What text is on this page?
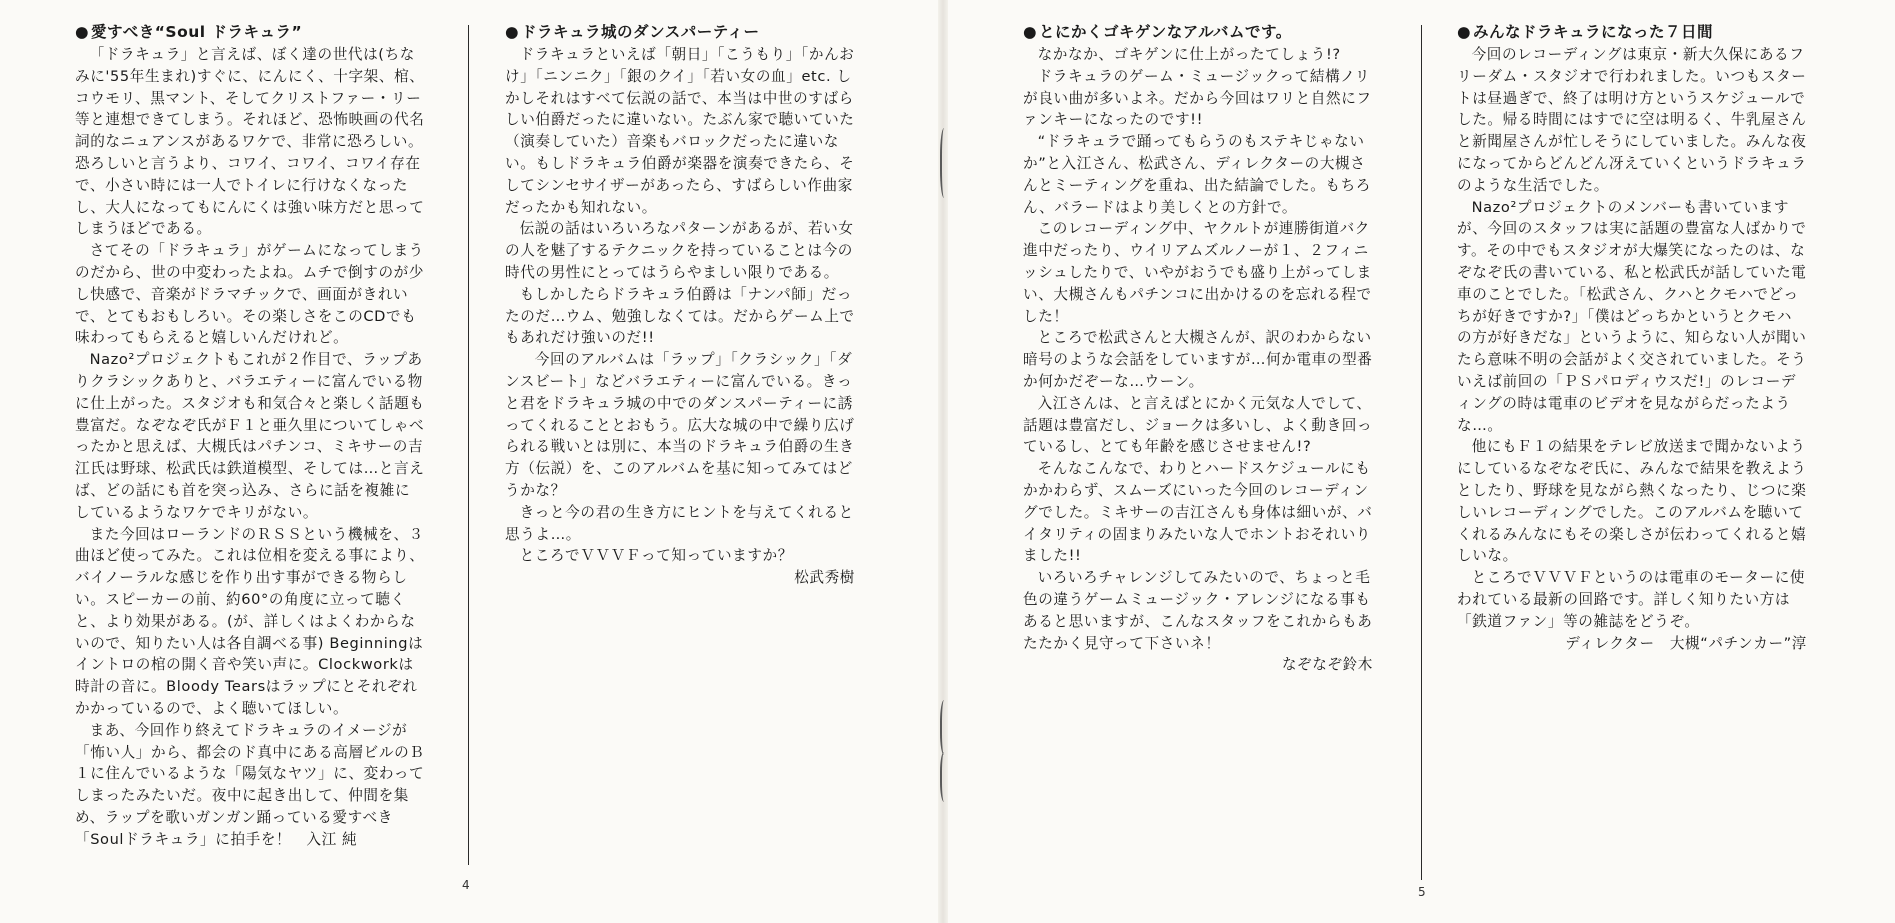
● 愛すべき“Soul ドラキュラ”

「ドラキュラ」と言えば、ぼく達の世代は(ちなみに'55年生まれ)すぐに、にんにく、十字架、棺、コウモリ、黒マント、そしてクリストファー・リー等と連想できてしまう。それほど、恐怖映画の代名詞的なニュアンスがあるワケで、非常に恐ろしい。恐ろしいと言うより、コワイ、コワイ、コワイ存在で、小さい時には一人でトイレに行けなくなったし、大人になってもにんにくは強い味方だと思ってしまうほどである。

さてその「ドラキュラ」がゲームになってしまうのだから、世の中変わったよね。ムチで倒すのが少し快感で、音楽がドラマチックで、画面がきれいで、とてもおもしろい。その楽しさをこのCDでも味わってもらえると嬉しいんだけれど。

Nazo²プロジェクトもこれが２作目で、ラップありクラシックありと、バラエティーに富んでいる物に仕上がった。スタジオも和気合々と楽しく話題も豊富だ。なぞなぞ氏がＦ１と亜久里についてしゃべったかと思えば、大槻氏はパチンコ、ミキサーの吉江氏は野球、松武氏は鉄道模型、そしては…と言えば、どの話にも首を突っ込み、さらに話を複雑にしているようなワケでキリがない。

また今回はローランドのＲＳＳという機械を、３曲ほど使ってみた。これは位相を変える事により、バイノーラルな感じを作り出す事ができる物らしい。スピーカーの前、約60°の角度に立って聴くと、より効果がある。(が、詳しくはよくわからないので、知りたい人は各自調べる事) Beginningはイントロの棺の開く音や笑い声に。Clockworkは時計の音に。Bloody Tearsはラップにとそれぞれかかっているので、よく聴いてほしい。

まあ、今回作り終えてドラキュラのイメージが「怖い人」から、都会のド真中にある高層ビルのＢ１に住んでいるような「陽気なヤツ」に、変わってしまったみたいだ。夜中に起き出して、仲間を集め、ラップを歌いガンガン踊っている愛すべき「Soulドラキュラ」に拍手を！　入江 純

● ドラキュラ城のダンスパーティー

ドラキュラといえば「朝日」「こうもり」「かんおけ」「ニンニク」「銀のクイ」「若い女の血」etc. しかしそれはすべて伝説の話で、本当は中世のすばらしい伯爵だったに違いない。たぶん家で聴いていた（演奏していた）音楽もバロックだったに違いない。もしドラキュラ伯爵が楽器を演奏できたら、そしてシンセサイザーがあったら、すばらしい作曲家だったかも知れない。

伝説の話はいろいろなパターンがあるが、若い女の人を魅了するテクニックを持っていることは今の時代の男性にとってはうらやましい限りである。

もしかしたらドラキュラ伯爵は「ナンパ師」だったのだ…ウム、勉強しなくては。だからゲーム上でもあれだけ強いのだ!!

　今回のアルバムは「ラップ」「クラシック」「ダンスビート」などバラエティーに富んでいる。きっと君をドラキュラ城の中でのダンスパーティーに誘ってくれることとおもう。広大な城の中で繰り広げられる戦いとは別に、本当のドラキュラ伯爵の生き方（伝説）を、このアルバムを基に知ってみてはどうかな？

きっと今の君の生き方にヒントを与えてくれると思うよ…。

ところでＶＶＶＦって知っていますか？

松武秀樹

4
● とにかくゴキゲンなアルバムです。

なかなか、ゴキゲンに仕上がったてしょう!?

ドラキュラのゲーム・ミュージックって結構ノリが良い曲が多いよネ。だから今回はワリと自然にファンキーになったのです!!

“ドラキュラで踊ってもらうのもステキじゃないか”と入江さん、松武さん、ディレクターの大槻さんとミーティングを重ね、出た結論でした。もちろん、バラードはより美しくとの方針で。

このレコーディング中、ヤクルトが連勝街道バク進中だったり、ウイリアムズルノーが１、２フィニッシュしたりで、いやがおうでも盛り上がってしまい、大槻さんもパチンコに出かけるのを忘れる程でした！

ところで松武さんと大槻さんが、訳のわからない暗号のような会話をしていますが…何か電車の型番か何かだぞーな…ウーン。

入江さんは、と言えばとにかく元気な人でして、話題は豊富だし、ジョークは多いし、よく動き回っているし、とても年齢を感じさせません!?

そんなこんなで、わりとハードスケジュールにもかかわらず、スムーズにいった今回のレコーディングでした。ミキサーの吉江さんも身体は細いが、バイタリティの固まりみたいな人でホントおそれいりました!!

いろいろチャレンジしてみたいので、ちょっと毛色の違うゲームミュージック・アレンジになる事もあると思いますが、こんなスタッフをこれからもあたたかく見守って下さいネ！

なぞなぞ鈴木

● みんなドラキュラになった７日間

今回のレコーディングは東京・新大久保にあるフリーダム・スタジオで行われました。いつもスタートは昼過ぎで、終了は明け方というスケジュールでした。帰る時間にはすでに空は明るく、牛乳屋さんと新聞屋さんが忙しそうにしていました。みんな夜になってからどんどん冴えていくというドラキュラのような生活でした。

Nazo²プロジェクトのメンバーも書いていますが、今回のスタッフは実に話題の豊富な人ばかりです。その中でもスタジオが大爆笑になったのは、なぞなぞ氏の書いている、私と松武氏が話していた電車のことでした。「松武さん、クハとクモハでどっちが好きですか?」「僕はどっちかというとクモハの方が好きだな」というように、知らない人が聞いたら意味不明の会話がよく交されていました。そういえば前回の「ＰＳパロディウスだ!」のレコーディングの時は電車のビデオを見ながらだったような…。

他にもＦ１の結果をテレビ放送まで聞かないようにしているなぞなぞ氏に、みんなで結果を教えようとしたり、野球を見ながら熱くなったり、じつに楽しいレコーディングでした。このアルバムを聴いてくれるみんなにもその楽しさが伝わってくれると嬉しいな。

ところでＶＶＶＦというのは電車のモーターに使われている最新の回路です。詳しく知りたい方は「鉄道ファン」等の雑誌をどうぞ。

ディレクター　大槻“パチンカー”淳

5
